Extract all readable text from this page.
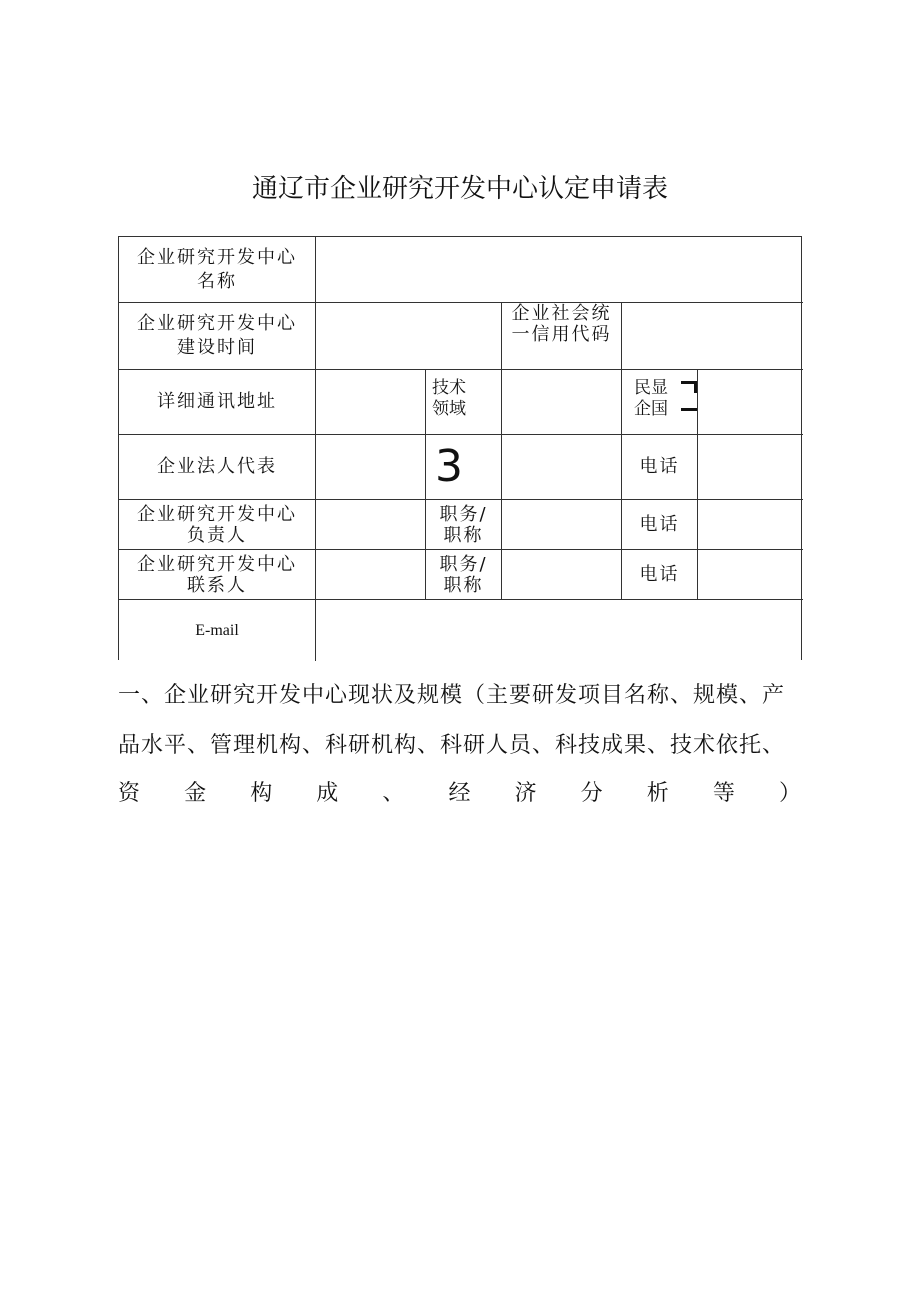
通辽市企业研究开发中心认定申请表
企业研究开发中心
名称
企业研究开发中心
建设时间
企业社会统
一信用代码
详细通讯地址
技术
领域
民显
企国
企业法人代表	3	电话
企业研究开发中心
负责人
职务/
职称
电话
企业研究开发中心
联系人
职务/
职称
电话
E-mail
一、企业研究开发中心现状及规模（主要研发项目名称、规模、产
品水平、管理机构、科研机构、科研人员、科技成果、技术依托、
资 金 构 成 、 经 济 分 析 等 ）
